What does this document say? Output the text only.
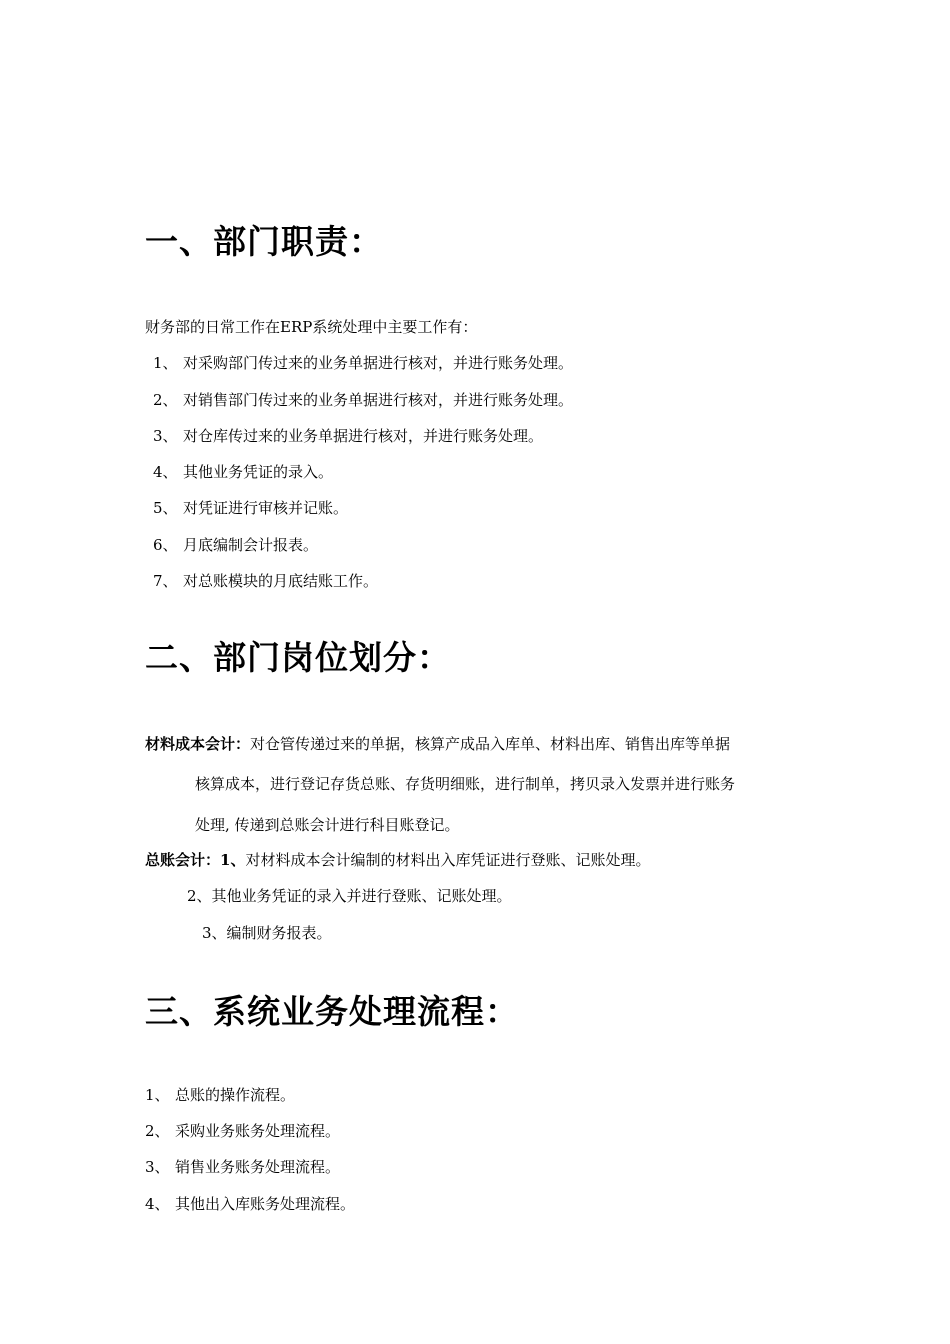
一、部门职责：
财务部的日常工作在ERP系统处理中主要工作有：
1、 对采购部门传过来的业务单据进行核对，并进行账务处理。
2、 对销售部门传过来的业务单据进行核对，并进行账务处理。
3、 对仓库传过来的业务单据进行核对，并进行账务处理。
4、 其他业务凭证的录入。
5、 对凭证进行审核并记账。
6、 月底编制会计报表。
7、 对总账模块的月底结账工作。
二、部门岗位划分：
材料成本会计：对仓管传递过来的单据，核算产成品入库单、材料出库、销售出库等单据
核算成本，进行登记存货总账、存货明细账，进行制单，拷贝录入发票并进行账务
处理, 传递到总账会计进行科目账登记。
总账会计：1、对材料成本会计编制的材料出入库凭证进行登账、记账处理。
2、其他业务凭证的录入并进行登账、记账处理。
3、编制财务报表。
三、系统业务处理流程：
1、 总账的操作流程。
2、 采购业务账务处理流程。
3、 销售业务账务处理流程。
4、 其他出入库账务处理流程。
